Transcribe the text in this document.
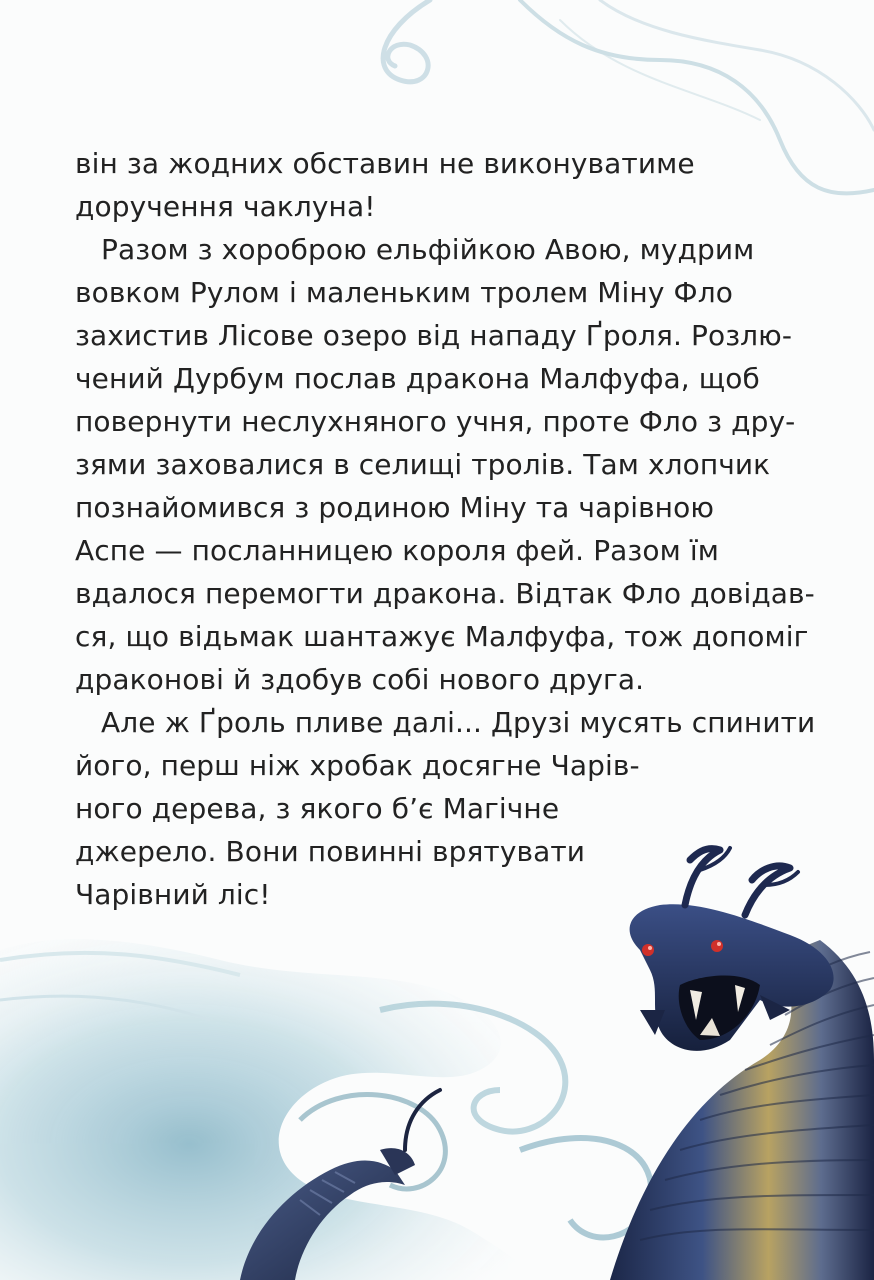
він за жодних обставин не виконуватиме
доручення чаклуна!

Разом з хороброю ельфійкою Авою, мудрим
вовком Рулом і маленьким тролем Міну Фло
захистив Лісове озеро від нападу Ґроля. Розлю-
чений Дурбум послав дракона Малфуфа, щоб
повернути неслухняного учня, проте Фло з дру-
зями заховалися в селищі тролів. Там хлопчик
познайомився з родиною Міну та чарівною
Аспе — посланницею короля фей. Разом їм
вдалося перемогти дракона. Відтак Фло довідав-
ся, що відьмак шантажує Малфуфа, тож допоміг
драконові й здобув собі нового друга.

Але ж Ґроль пливе далі... Друзі мусять спинити
його, перш ніж хробак досягне Чарів-
ного дерева, з якого б’є Магічне
джерело. Вони повинні врятувати
Чарівний ліс!
